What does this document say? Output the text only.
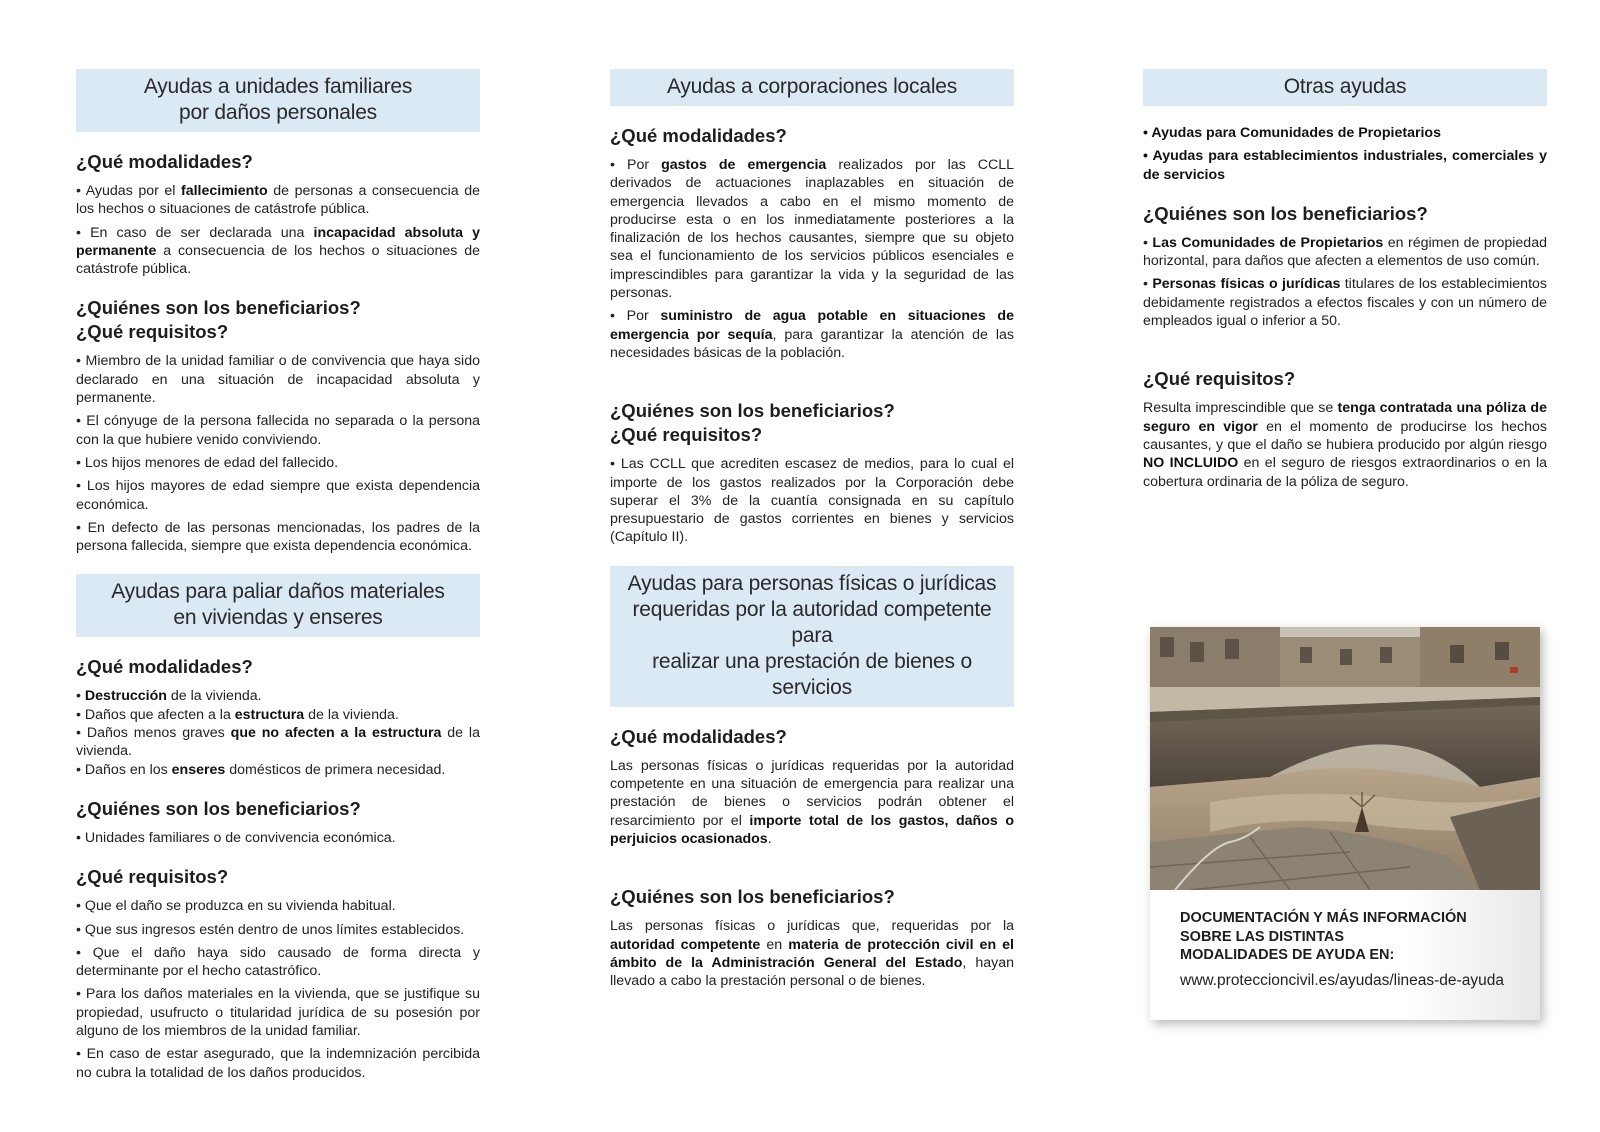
Ayudas a unidades familiares
por daños personales
¿Qué modalidades?

• Ayudas por el fallecimiento de personas a consecuencia de los hechos o situaciones de catástrofe pública.

• En caso de ser declarada una incapacidad absoluta y permanente a consecuencia de los hechos o situaciones de catástrofe pública.

¿Quiénes son los beneficiarios?
¿Qué requisitos?

• Miembro de la unidad familiar o de convivencia que haya sido declarado en una situación de incapacidad absoluta y permanente.

• El cónyuge de la persona fallecida no separada o la persona con la que hubiere venido conviviendo.

• Los hijos menores de edad del fallecido.

• Los hijos mayores de edad siempre que exista dependencia económica.

• En defecto de las personas mencionadas, los padres de la persona fallecida, siempre que exista dependencia económica.

Ayudas para paliar daños materiales
en viviendas y enseres
¿Qué modalidades?

• Destrucción de la vivienda.

• Daños que afecten a la estructura de la vivienda.

• Daños menos graves que no afecten a la estructura de la vivienda.

• Daños en los enseres domésticos de primera necesidad.

¿Quiénes son los beneficiarios?

• Unidades familiares o de convivencia económica.

¿Qué requisitos?

• Que el daño se produzca en su vivienda habitual.

• Que sus ingresos estén dentro de unos límites establecidos.

• Que el daño haya sido causado de forma directa y determinante por el hecho catastrófico.

• Para los daños materiales en la vivienda, que se justifique su propiedad, usufructo o titularidad jurídica de su posesión por alguno de los miembros de la unidad familiar.

• En caso de estar asegurado, que la indemnización percibida no cubra la totalidad de los daños producidos.

Ayudas a corporaciones locales
¿Qué modalidades?

• Por gastos de emergencia realizados por las CCLL derivados de actuaciones inaplazables en situación de emergencia llevados a cabo en el mismo momento de producirse esta o en los inmediatamente posteriores a la finalización de los hechos causantes, siempre que su objeto sea el funcionamiento de los servicios públicos esenciales e imprescindibles para garantizar la vida y la seguridad de las personas.

• Por suministro de agua potable en situaciones de emergencia por sequía, para garantizar la atención de las necesidades básicas de la población.

¿Quiénes son los beneficiarios?
¿Qué requisitos?

• Las CCLL que acrediten escasez de medios, para lo cual el importe de los gastos realizados por la Corporación debe superar el 3% de la cuantía consignada en su capítulo presupuestario de gastos corrientes en bienes y servicios (Capítulo II).

Ayudas para personas físicas o jurídicas
requeridas por la autoridad competente para
realizar una prestación de bienes o servicios
¿Qué modalidades?

Las personas físicas o jurídicas requeridas por la autoridad competente en una situación de emergencia para realizar una prestación de bienes o servicios podrán obtener el resarcimiento por el importe total de los gastos, daños o perjuicios ocasionados.

¿Quiénes son los beneficiarios?

Las personas físicas o jurídicas que, requeridas por la autoridad competente en materia de protección civil en el ámbito de la Administración General del Estado, hayan llevado a cabo la prestación personal o de bienes.

Otras ayudas

• Ayudas para Comunidades de Propietarios

• Ayudas para establecimientos industriales, comerciales y de servicios

¿Quiénes son los beneficiarios?

• Las Comunidades de Propietarios en régimen de propiedad horizontal, para daños que afecten a elementos de uso común.

• Personas físicas o jurídicas titulares de los establecimientos debidamente registrados a efectos fiscales y con un número de empleados igual o inferior a 50.

¿Qué requisitos?

Resulta imprescindible que se tenga contratada una póliza de seguro en vigor en el momento de producirse los hechos causantes, y que el daño se hubiera producido por algún riesgo NO INCLUIDO en el seguro de riesgos extraordinarios o en la cobertura ordinaria de la póliza de seguro.

DOCUMENTACIÓN Y MÁS INFORMACIÓN
SOBRE LAS DISTINTAS
MODALIDADES DE AYUDA EN:

www.proteccioncivil.es/ayudas/lineas-de-ayuda
